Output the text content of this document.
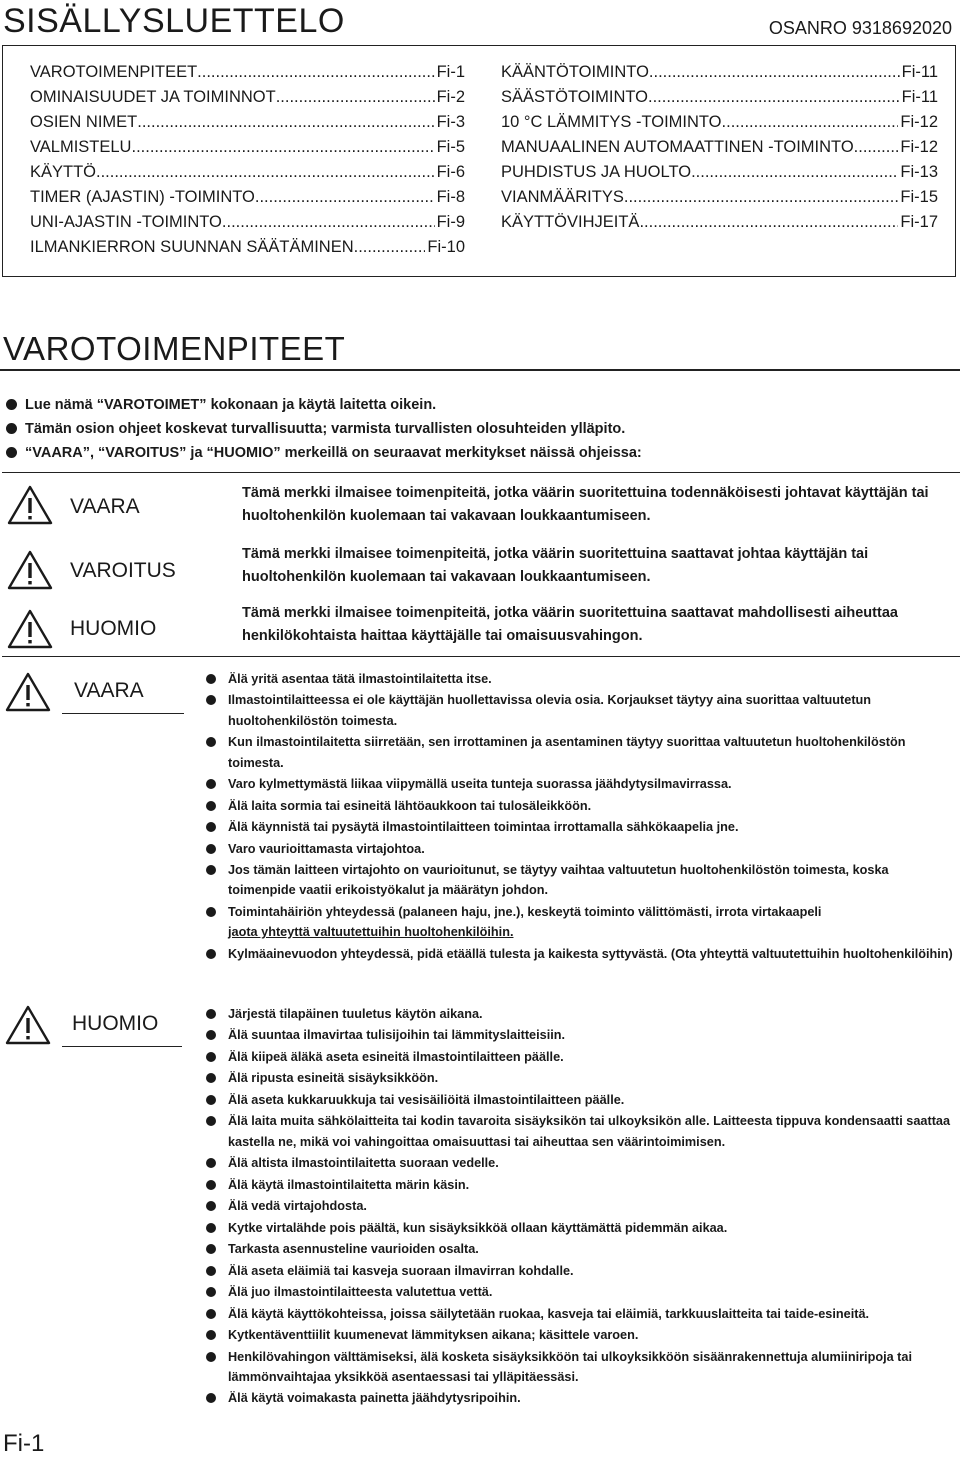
SISÄLLYSLUETTELO	OSANRO 9318692020
VAROTOIMENPITEET .....	Fi-1
OMINAISUUDET JA TOIMINNOT .....	Fi-2
OSIEN NIMET .....	Fi-3
VALMISTELU .....	Fi-5
KÄYTTÖ .....	Fi-6
TIMER (AJASTIN) -TOIMINTO .....	Fi-8
UNI-AJASTIN -TOIMINTO .....	Fi-9
ILMANKIERRON SUUNNAN SÄÄTÄMINEN .....	Fi-10
KÄÄNTÖTOIMINTO .....	Fi-11
SÄÄSTÖTOIMINTO .....	Fi-11
10 °C LÄMMITYS -TOIMINTO .....	Fi-12
MANUAALINEN AUTOMAATTINEN -TOIMINTO .....	Fi-12
PUHDISTUS JA HUOLTO .....	Fi-13
VIANMÄÄRITYS .....	Fi-15
KÄYTTÖVIHJEITÄ .....	Fi-17
VAROTOIMENPITEET
Lue nämä “VAROTOIMET” kokonaan ja käytä laitetta oikein.
Tämän osion ohjeet koskevat turvallisuutta; varmista turvallisten olosuhteiden ylläpito.
“VAARA”, “VAROITUS” ja “HUOMIO” merkeillä on seuraavat merkitykset näissä ohjeissa:
VAARA
Tämä merkki ilmaisee toimenpiteitä, jotka väärin suoritettuina todennäköisesti johtavat käyttäjän tai huoltohenkilön kuolemaan tai vakavaan loukkaantumiseen.
VAROITUS
Tämä merkki ilmaisee toimenpiteitä, jotka väärin suoritettuina saattavat johtaa käyttäjän tai huoltohenkilön kuolemaan tai vakavaan loukkaantumiseen.
HUOMIO
Tämä merkki ilmaisee toimenpiteitä, jotka väärin suoritettuina saattavat mahdollisesti aiheuttaa henkilökohtaista haittaa käyttäjälle tai omaisuusvahingon.
VAARA	Älä yritä asentaa tätä ilmastointilaitetta itse.
Ilmastointilaitteessa ei ole käyttäjän huollettavissa olevia osia. Korjaukset täytyy aina suorittaa valtuutetun huoltohenkilöstön toimesta.
Kun ilmastointilaitetta siirretään, sen irrottaminen ja asentaminen täytyy suorittaa valtuutetun huoltohenkilöstön toimesta.
Varo kylmettymästä liikaa viipymällä useita tunteja suorassa jäähdytysilmavirrassa.
Älä laita sormia tai esineitä lähtöaukkoon tai tulosäleikköön.
Älä käynnistä tai pysäytä ilmastointilaitteen toimintaa irrottamalla sähkökaapelia jne.
Varo vaurioittamasta virtajohtoa.
Jos tämän laitteen virtajohto on vaurioitunut, se täytyy vaihtaa valtuutetun huoltohenkilöstön toimesta, koska toimenpide vaatii erikoistyökalut ja määrätyn johdon.
Toimintahäiriön yhteydessä (palaneen haju, jne.), keskeytä toiminto välittömästi, irrota virtakaapeli
jaota yhteyttä valtuutettuihin huoltohenkilöihin.
Kylmäainevuodon yhteydessä, pidä etäällä tulesta ja kaikesta syttyvästä. (Ota yhteyttä valtuutettuihin huoltohenkilöihin)
HUOMIO	Järjestä tilapäinen tuuletus käytön aikana.
Älä suuntaa ilmavirtaa tulisijoihin tai lämmityslaitteisiin.
Älä kiipeä äläkä aseta esineitä ilmastointilaitteen päälle.
Älä ripusta esineitä sisäyksikköön.
Älä aseta kukkaruukkuja tai vesisäiliöitä ilmastointilaitteen päälle.
Älä laita muita sähkölaitteita tai kodin tavaroita sisäyksikön tai ulkoyksikön alle. Laitteesta tippuva kondensaatti saattaa kastella ne, mikä voi vahingoittaa omaisuuttasi tai aiheuttaa sen väärintoimimisen.
Älä altista ilmastointilaitetta suoraan vedelle.
Älä käytä ilmastointilaitetta märin käsin.
Älä vedä virtajohdosta.
Kytke virtalähde pois päältä, kun sisäyksikköä ollaan käyttämättä pidemmän aikaa.
Tarkasta asennusteline vaurioiden osalta.
Älä aseta eläimiä tai kasveja suoraan ilmavirran kohdalle.
Älä juo ilmastointilaitteesta valutettua vettä.
Älä käytä käyttökohteissa, joissa säilytetään ruokaa, kasveja tai eläimiä, tarkkuuslaitteita tai taide-esineitä.
Kytkentäventtiilit kuumenevat lämmityksen aikana; käsittele varoen.
Henkilövahingon välttämiseksi, älä kosketa sisäyksikköön tai ulkoyksikköön sisäänrakennettuja alumiiniripoja tai lämmönvaihtajaa yksikköä asentaessasi tai ylläpitäessäsi.
Älä käytä voimakasta painetta jäähdytysripoihin.
Fi-1
